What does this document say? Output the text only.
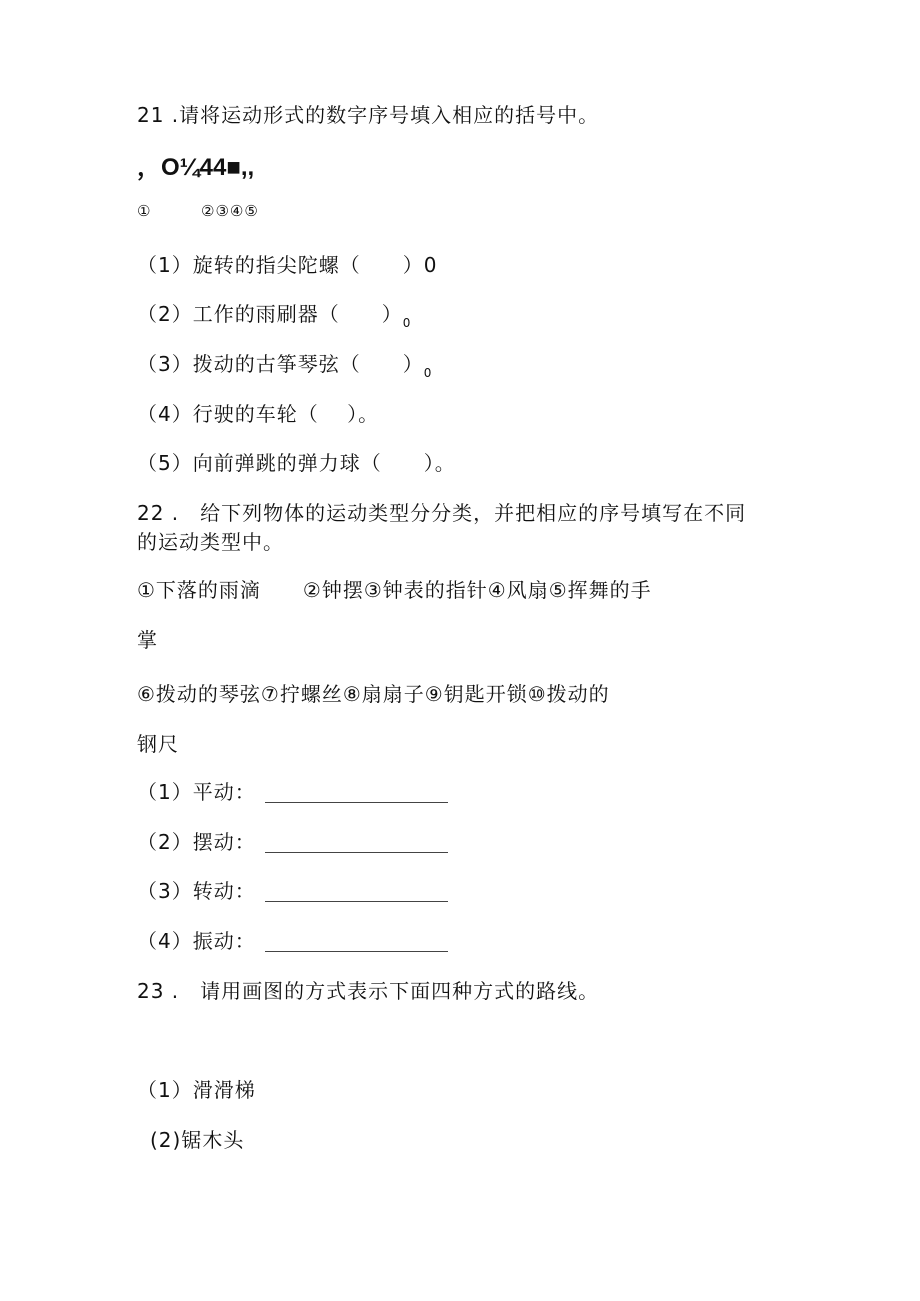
21 .请将运动形式的数字序号填入相应的括号中。
，O¼44■,,
①	②③④⑤
（1）旋转的指尖陀螺（　　）0
（2）工作的雨刷器（　　）$_0$
（3）拨动的古筝琴弦（　　）$_0$
（4）行驶的车轮（　 ）。
（5）向前弹跳的弹力球（　　）。
22 .　给下列物体的运动类型分分类，并把相应的序号填写在不同
的运动类型中。
①下落的雨滴　　②钟摆③钟表的指针④风扇⑤挥舞的手
掌
⑥拨动的琴弦⑦拧螺丝⑧扇扇子⑨钥匙开锁⑩拨动的
钢尺
（1）平动：
（2）摆动：
（3）转动：
（4）振动：
23 .　请用画图的方式表示下面四种方式的路线。
（1）滑滑梯
(2)锯木头
